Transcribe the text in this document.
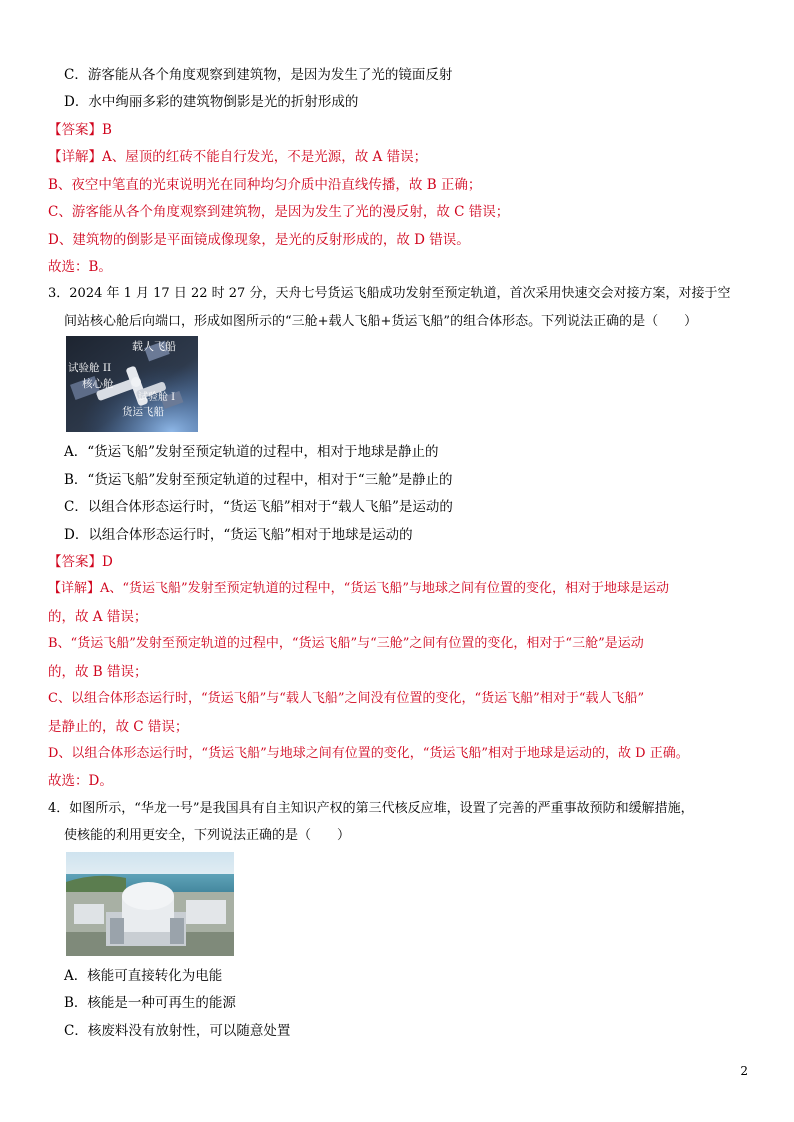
C．游客能从各个角度观察到建筑物，是因为发生了光的镜面反射
D．水中绚丽多彩的建筑物倒影是光的折射形成的
【答案】B
【详解】A、屋顶的红砖不能自行发光，不是光源，故 A 错误；
B、夜空中笔直的光束说明光在同种均匀介质中沿直线传播，故 B 正确；
C、游客能从各个角度观察到建筑物，是因为发生了光的漫反射，故 C 错误；
D、建筑物的倒影是平面镜成像现象，是光的反射形成的，故 D 错误。
故选：B。
3．2024 年 1 月 17 日 22 时 27 分，天舟七号货运飞船成功发射至预定轨道，首次采用快速交会对接方案，对接于空
间站核心舱后向端口，形成如图所示的“三舱+载人飞船+货运飞船”的组合体形态。下列说法正确的是（　　）
载人飞船
试验舱 II
核心舱
试验舱 I
货运飞船
A．“货运飞船”发射至预定轨道的过程中，相对于地球是静止的
B．“货运飞船”发射至预定轨道的过程中，相对于“三舱”是静止的
C．以组合体形态运行时，“货运飞船”相对于“载人飞船”是运动的
D．以组合体形态运行时，“货运飞船”相对于地球是运动的
【答案】D
【详解】A、“货运飞船”发射至预定轨道的过程中，“货运飞船”与地球之间有位置的变化，相对于地球是运动
的，故 A 错误；
B、“货运飞船”发射至预定轨道的过程中，“货运飞船”与“三舱”之间有位置的变化，相对于“三舱”是运动
的，故 B 错误；
C、以组合体形态运行时，“货运飞船”与“载人飞船”之间没有位置的变化，“货运飞船”相对于“载人飞船”
是静止的，故 C 错误；
D、以组合体形态运行时，“货运飞船”与地球之间有位置的变化，“货运飞船”相对于地球是运动的，故 D 正确。
故选：D。
4．如图所示，“华龙一号”是我国具有自主知识产权的第三代核反应堆，设置了完善的严重事故预防和缓解措施，
使核能的利用更安全，下列说法正确的是（　　）
A．核能可直接转化为电能
B．核能是一种可再生的能源
C．核废料没有放射性，可以随意处置
2
